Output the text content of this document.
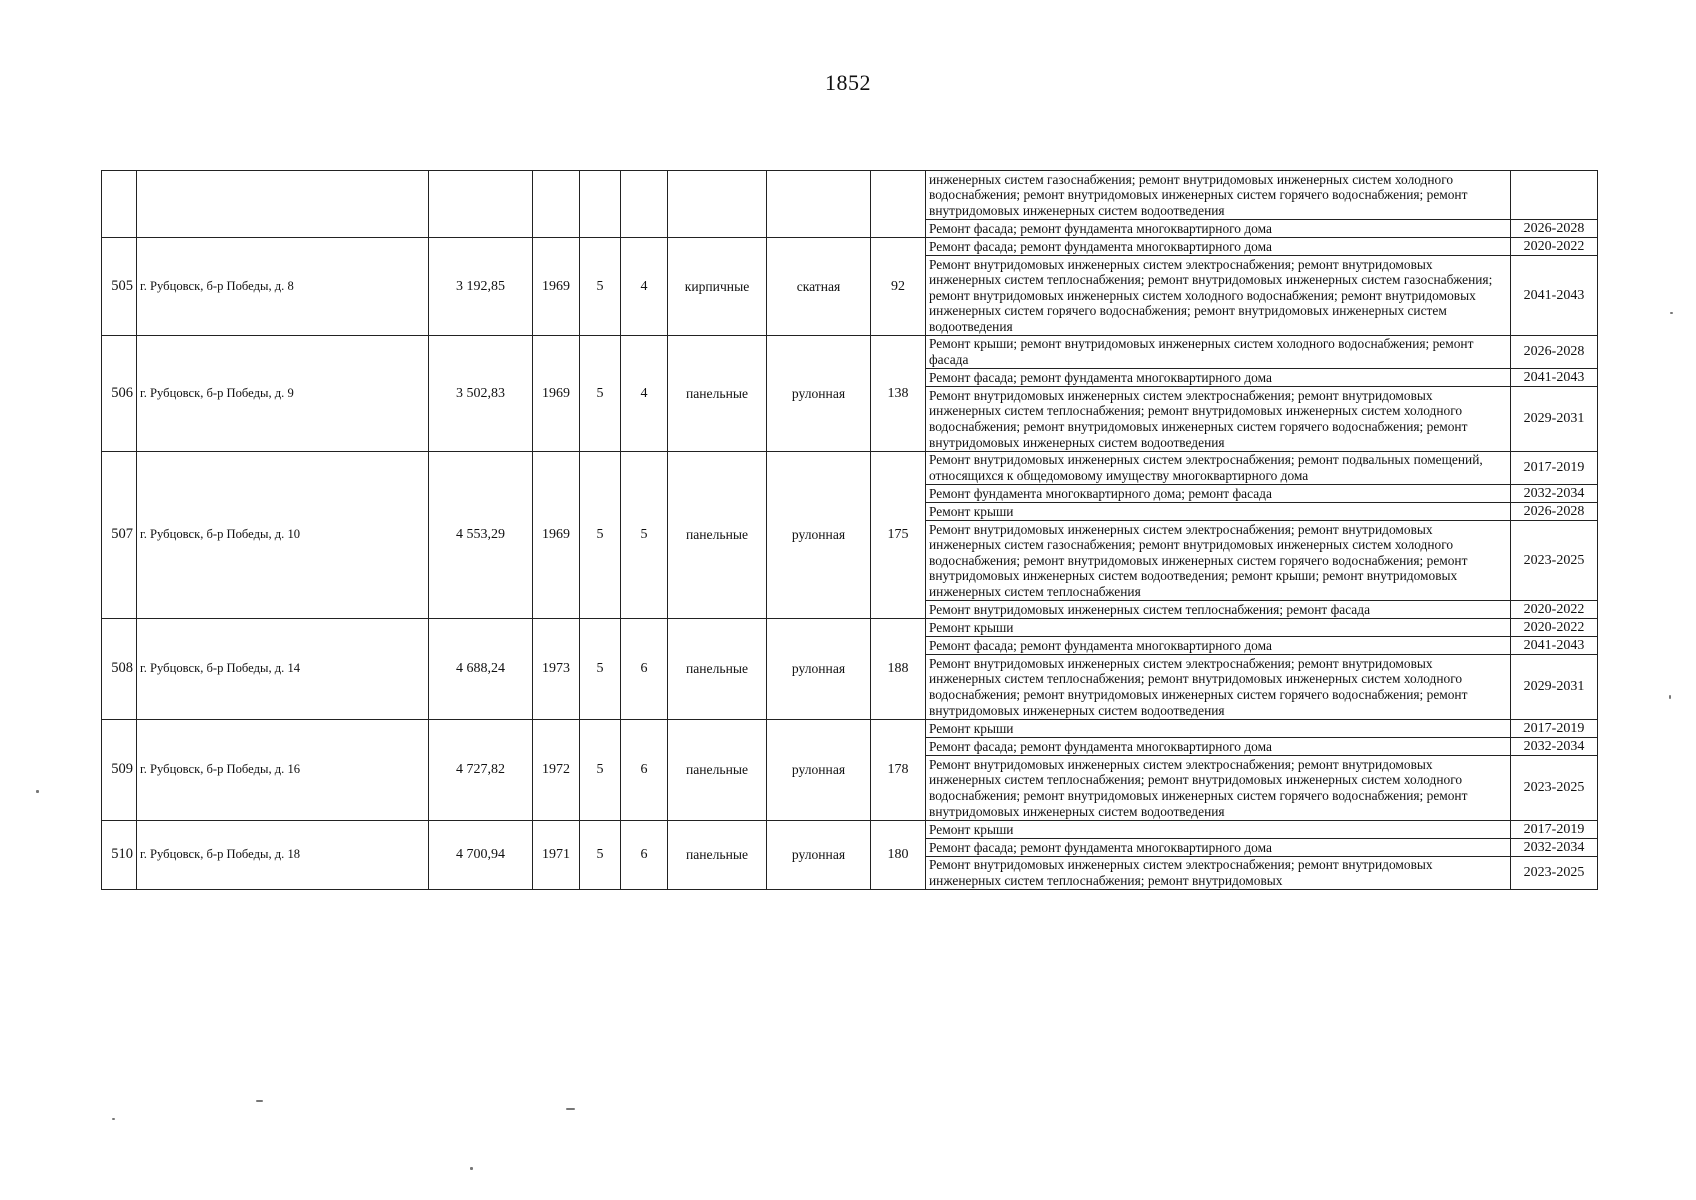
1852
									инженерных систем газоснабжения; ремонт внутридомовых инженерных систем холодного водоснабжения; ремонт внутридомовых инженерных систем горячего водоснабжения; ремонт внутридомовых инженерных систем водоотведения	
									Ремонт фасада; ремонт фундамента многоквартирного дома	2026-2028
505	г. Рубцовск, б-р Победы, д. 8	3 192,85	1969	5	4	кирпичные	скатная	92	Ремонт фасада; ремонт фундамента многоквартирного дома	2020-2022
									Ремонт внутридомовых инженерных систем электроснабжения; ремонт внутридомовых инженерных систем теплоснабжения; ремонт внутридомовых инженерных систем газоснабжения; ремонт внутридомовых инженерных систем холодного водоснабжения; ремонт внутридомовых инженерных систем горячего водоснабжения; ремонт внутридомовых инженерных систем водоотведения	2041-2043
506	г. Рубцовск, б-р Победы, д. 9	3 502,83	1969	5	4	панельные	рулонная	138	Ремонт крыши; ремонт внутридомовых инженерных систем холодного водоснабжения; ремонт фасада	2026-2028
									Ремонт фасада; ремонт фундамента многоквартирного дома	2041-2043
									Ремонт внутридомовых инженерных систем электроснабжения; ремонт внутридомовых инженерных систем теплоснабжения; ремонт внутридомовых инженерных систем холодного водоснабжения; ремонт внутридомовых инженерных систем горячего водоснабжения; ремонт внутридомовых инженерных систем водоотведения	2029-2031
507	г. Рубцовск, б-р Победы, д. 10	4 553,29	1969	5	5	панельные	рулонная	175	Ремонт внутридомовых инженерных систем электроснабжения; ремонт подвальных помещений, относящихся к общедомовому имуществу многоквартирного дома	2017-2019
									Ремонт фундамента многоквартирного дома; ремонт фасада	2032-2034
									Ремонт крыши	2026-2028
									Ремонт внутридомовых инженерных систем электроснабжения; ремонт внутридомовых инженерных систем газоснабжения; ремонт внутридомовых инженерных систем холодного водоснабжения; ремонт внутридомовых инженерных систем горячего водоснабжения; ремонт внутридомовых инженерных систем водоотведения; ремонт крыши; ремонт внутридомовых инженерных систем теплоснабжения	2023-2025
									Ремонт внутридомовых инженерных систем теплоснабжения; ремонт фасада	2020-2022
508	г. Рубцовск, б-р Победы, д. 14	4 688,24	1973	5	6	панельные	рулонная	188	Ремонт крыши	2020-2022
									Ремонт фасада; ремонт фундамента многоквартирного дома	2041-2043
									Ремонт внутридомовых инженерных систем электроснабжения; ремонт внутридомовых инженерных систем теплоснабжения; ремонт внутридомовых инженерных систем холодного водоснабжения; ремонт внутридомовых инженерных систем горячего водоснабжения; ремонт внутридомовых инженерных систем водоотведения	2029-2031
509	г. Рубцовск, б-р Победы, д. 16	4 727,82	1972	5	6	панельные	рулонная	178	Ремонт крыши	2017-2019
									Ремонт фасада; ремонт фундамента многоквартирного дома	2032-2034
									Ремонт внутридомовых инженерных систем электроснабжения; ремонт внутридомовых инженерных систем теплоснабжения; ремонт внутридомовых инженерных систем холодного водоснабжения; ремонт внутридомовых инженерных систем горячего водоснабжения; ремонт внутридомовых инженерных систем водоотведения	2023-2025
510	г. Рубцовск, б-р Победы, д. 18	4 700,94	1971	5	6	панельные	рулонная	180	Ремонт крыши	2017-2019
									Ремонт фасада; ремонт фундамента многоквартирного дома	2032-2034
									Ремонт внутридомовых инженерных систем электроснабжения; ремонт внутридомовых инженерных систем теплоснабжения; ремонт внутридомовых	2023-2025
